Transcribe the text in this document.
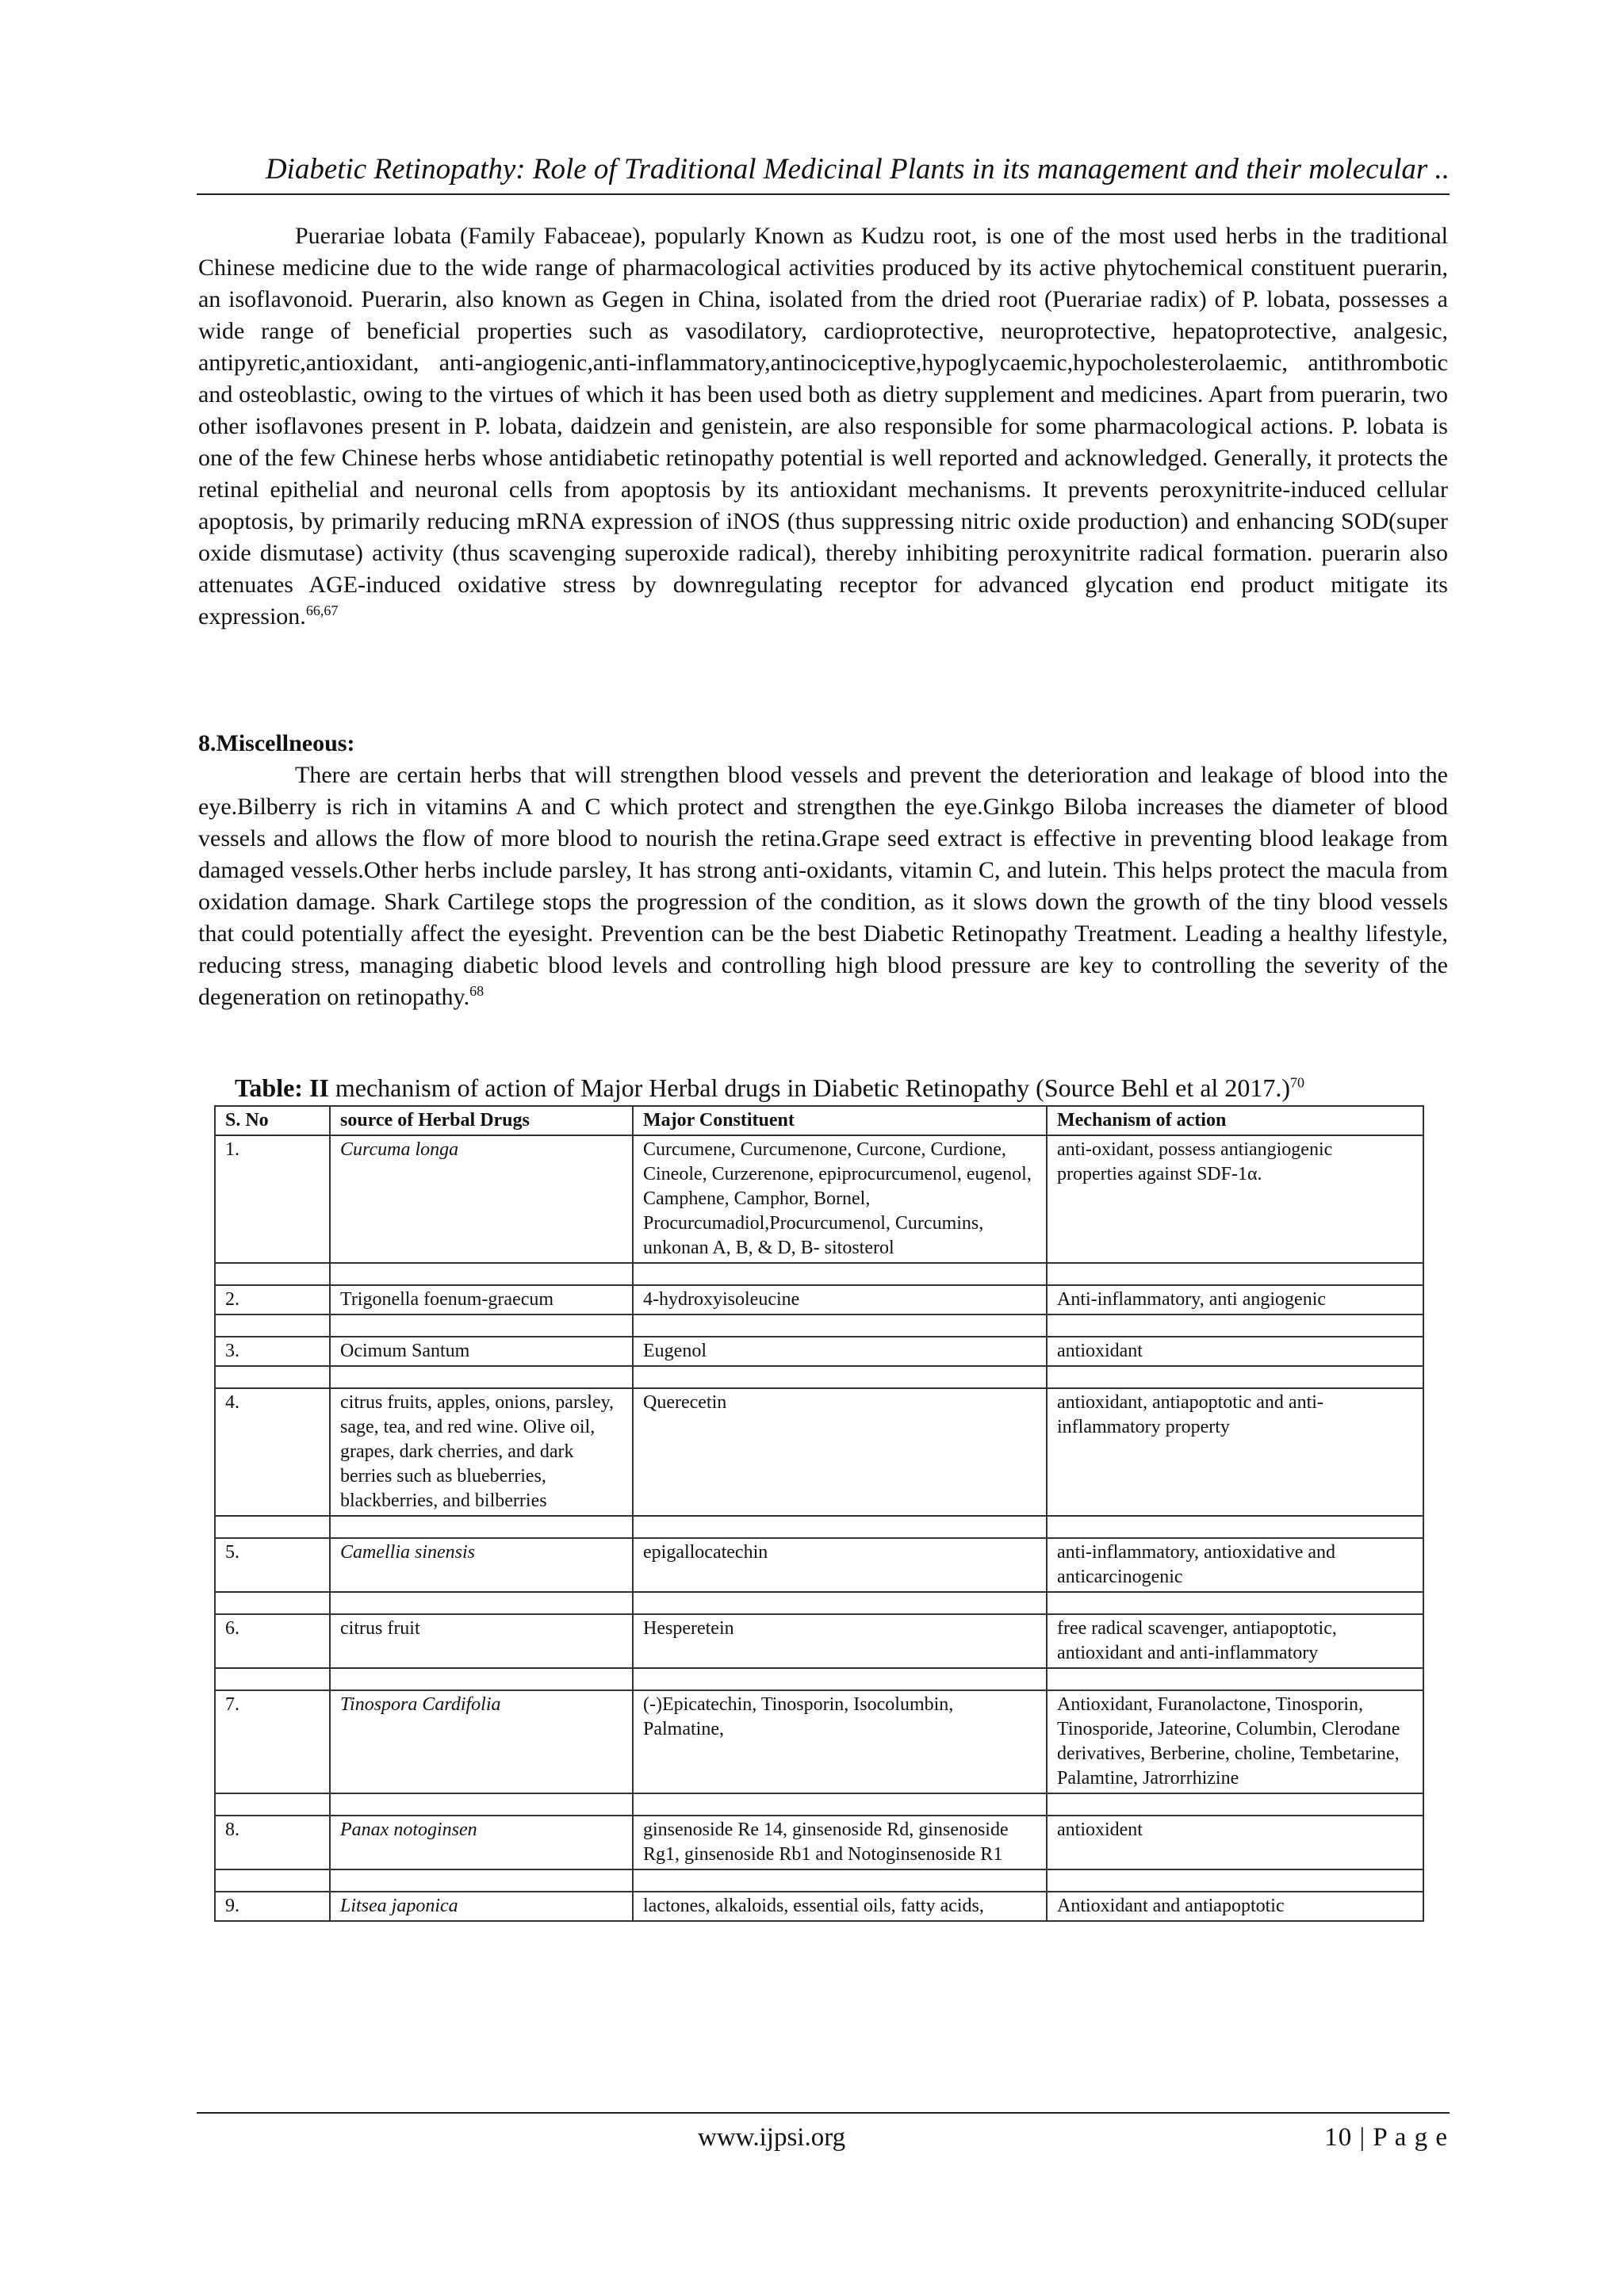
Diabetic Retinopathy: Role of Traditional Medicinal Plants in its management and their molecular ..

Puerariae lobata (Family Fabaceae), popularly Known as Kudzu root, is one of the most used herbs in the traditional Chinese medicine due to the wide range of pharmacological activities produced by its active phytochemical constituent puerarin, an isoflavonoid. Puerarin, also known as Gegen in China, isolated from the dried root (Puerariae radix) of P. lobata, possesses a wide range of beneficial properties such as vasodilatory, cardioprotective, neuroprotective, hepatoprotective, analgesic, antipyretic,antioxidant, anti-angiogenic,anti-inflammatory,antinociceptive,hypoglycaemic,hypocholesterolaemic, antithrombotic and osteoblastic, owing to the virtues of which it has been used both as dietry supplement and medicines. Apart from puerarin, two other isoflavones present in P. lobata, daidzein and genistein, are also responsible for some pharmacological actions. P. lobata is one of the few Chinese herbs whose antidiabetic retinopathy potential is well reported and acknowledged. Generally, it protects the retinal epithelial and neuronal cells from apoptosis by its antioxidant mechanisms. It prevents peroxynitrite-induced cellular apoptosis, by primarily reducing mRNA expression of iNOS (thus suppressing nitric oxide production) and enhancing SOD(super oxide dismutase) activity (thus scavenging superoxide radical), thereby inhibiting peroxynitrite radical formation. puerarin also attenuates AGE-induced oxidative stress by downregulating receptor for advanced glycation end product mitigate its expression.$^{66,67}$

8.Miscellneous:

There are certain herbs that will strengthen blood vessels and prevent the deterioration and leakage of blood into the eye.Bilberry is rich in vitamins A and C which protect and strengthen the eye.Ginkgo Biloba increases the diameter of blood vessels and allows the flow of more blood to nourish the retina.Grape seed extract is effective in preventing blood leakage from damaged vessels.Other herbs include parsley, It has strong anti-oxidants, vitamin C, and lutein. This helps protect the macula from oxidation damage. Shark Cartilege stops the progression of the condition, as it slows down the growth of the tiny blood vessels that could potentially affect the eyesight. Prevention can be the best Diabetic Retinopathy Treatment. Leading a healthy lifestyle, reducing stress, managing diabetic blood levels and controlling high blood pressure are key to controlling the severity of the degeneration on retinopathy.$^{68}$

Table: II mechanism of action of Major Herbal drugs in Diabetic Retinopathy (Source Behl et al 2017.)$^{70}$
S. No	source of Herbal Drugs	Major Constituent	Mechanism of action
1.	Curcuma longa	Curcumene, Curcumenone, Curcone, Curdione, Cineole, Curzerenone, epiprocurcumenol, eugenol, Camphene, Camphor, Bornel, Procurcumadiol,Procurcumenol, Curcumins, unkonan A, B, & D, B- sitosterol	anti-oxidant, possess antiangiogenic properties against SDF-1α.

2.	Trigonella foenum-graecum	4-hydroxyisoleucine	Anti-inflammatory, anti angiogenic

3.	Ocimum Santum	Eugenol	antioxidant

4.	citrus fruits, apples, onions, parsley, sage, tea, and red wine. Olive oil, grapes, dark cherries, and dark berries such as blueberries, blackberries, and bilberries	Querecetin	antioxidant, antiapoptotic and anti-inflammatory property

5.	Camellia sinensis	epigallocatechin	anti-inflammatory, antioxidative and anticarcinogenic

6.	citrus fruit	Hesperetein	free radical scavenger, antiapoptotic, antioxidant and anti-inflammatory

7.	Tinospora Cardifolia	(-)Epicatechin, Tinosporin, Isocolumbin, Palmatine,	Antioxidant, Furanolactone, Tinosporin, Tinosporide, Jateorine, Columbin, Clerodane derivatives, Berberine, choline, Tembetarine, Palamtine, Jatrorrhizine

8.	Panax notoginsen	ginsenoside Re 14, ginsenoside Rd, ginsenoside Rg1, ginsenoside Rb1 and Notoginsenoside R1	antioxident

9.	Litsea japonica	lactones, alkaloids, essential oils, fatty acids,	Antioxidant and antiapoptotic
www.ijpsi.org	10 | P a g e
